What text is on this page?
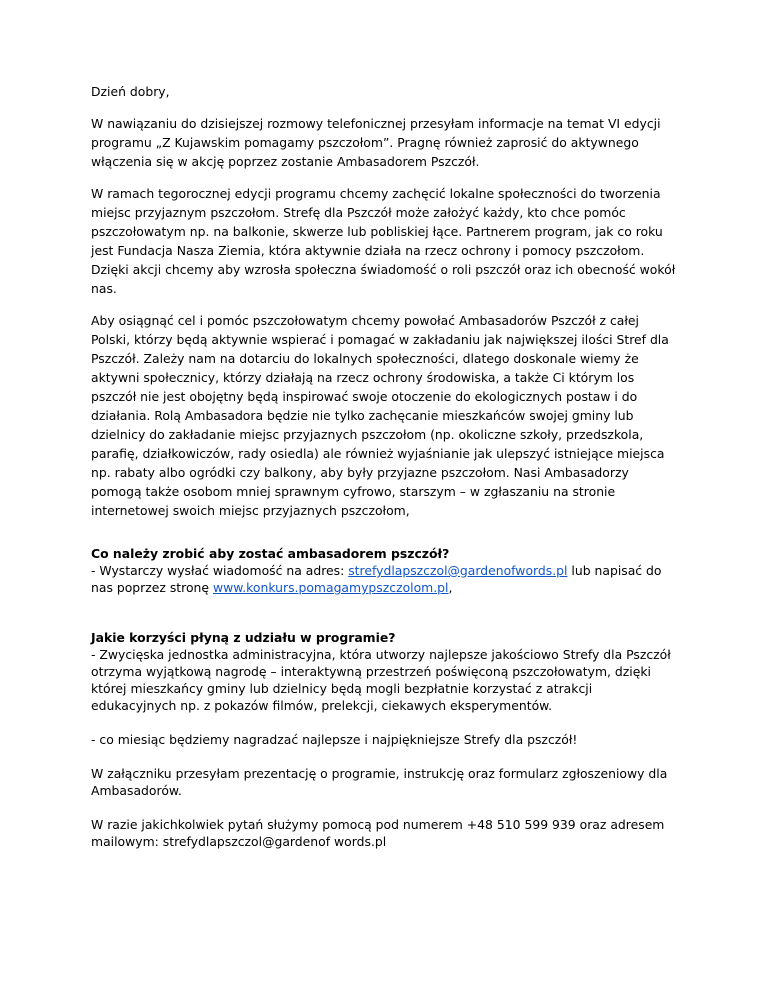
Dzień dobry,

W nawiązaniu do dzisiejszej rozmowy telefonicznej przesyłam informacje na temat VI edycji programu „Z Kujawskim pomagamy pszczołom”. Pragnę również zaprosić do aktywnego włączenia się w akcję poprzez zostanie Ambasadorem Pszczół.

W ramach tegorocznej edycji programu chcemy zachęcić lokalne społeczności do tworzenia miejsc przyjaznym pszczołom. Strefę dla Pszczół może założyć każdy, kto chce pomóc pszczołowatym np. na balkonie, skwerze lub pobliskiej łące. Partnerem program, jak co roku jest Fundacja Nasza Ziemia, która aktywnie działa na rzecz ochrony i pomocy pszczołom. Dzięki akcji chcemy aby wzrosła społeczna świadomość o roli pszczół oraz ich obecność wokół nas.

Aby osiągnąć cel i pomóc pszczołowatym chcemy powołać Ambasadorów Pszczół z całej Polski, którzy będą aktywnie wspierać i pomagać w zakładaniu jak największej ilości Stref dla Pszczół. Zależy nam na dotarciu do lokalnych społeczności, dlatego doskonale wiemy że aktywni społecznicy, którzy działają na rzecz ochrony środowiska, a także Ci którym los pszczół nie jest obojętny będą inspirować swoje otoczenie do ekologicznych postaw i do działania. Rolą Ambasadora będzie nie tylko zachęcanie mieszkańców swojej gminy lub dzielnicy do zakładanie miejsc przyjaznych pszczołom (np. okoliczne szkoły, przedszkola, parafię, działkowiczów, rady osiedla) ale również wyjaśnianie jak ulepszyć istniejące miejsca np. rabaty albo ogródki czy balkony, aby były przyjazne pszczołom. Nasi Ambasadorzy pomogą także osobom mniej sprawnym cyfrowo, starszym – w zgłaszaniu na stronie internetowej swoich miejsc przyjaznych pszczołom,

Co należy zrobić aby zostać ambasadorem pszczół?
- Wystarczy wysłać wiadomość na adres: strefydlapszczol@gardenofwords.pl lub napisać do nas poprzez stronę www.konkurs.pomagamypszczolom.pl,
Jakie korzyści płyną z udziału w programie?
- Zwycięska jednostka administracyjna, która utworzy najlepsze jakościowo Strefy dla Pszczół otrzyma wyjątkową nagrodę – interaktywną przestrzeń poświęconą pszczołowatym, dzięki której mieszkańcy gminy lub dzielnicy będą mogli bezpłatnie korzystać z atrakcji edukacyjnych np. z pokazów filmów, prelekcji, ciekawych eksperymentów.

- co miesiąc będziemy nagradzać najlepsze i najpiękniejsze Strefy dla pszczół!

W załączniku przesyłam prezentację o programie, instrukcję oraz formularz zgłoszeniowy dla Ambasadorów.

W razie jakichkolwiek pytań służymy pomocą pod numerem +48 510 599 939 oraz adresem mailowym: strefydlapszczol@gardenof words.pl
